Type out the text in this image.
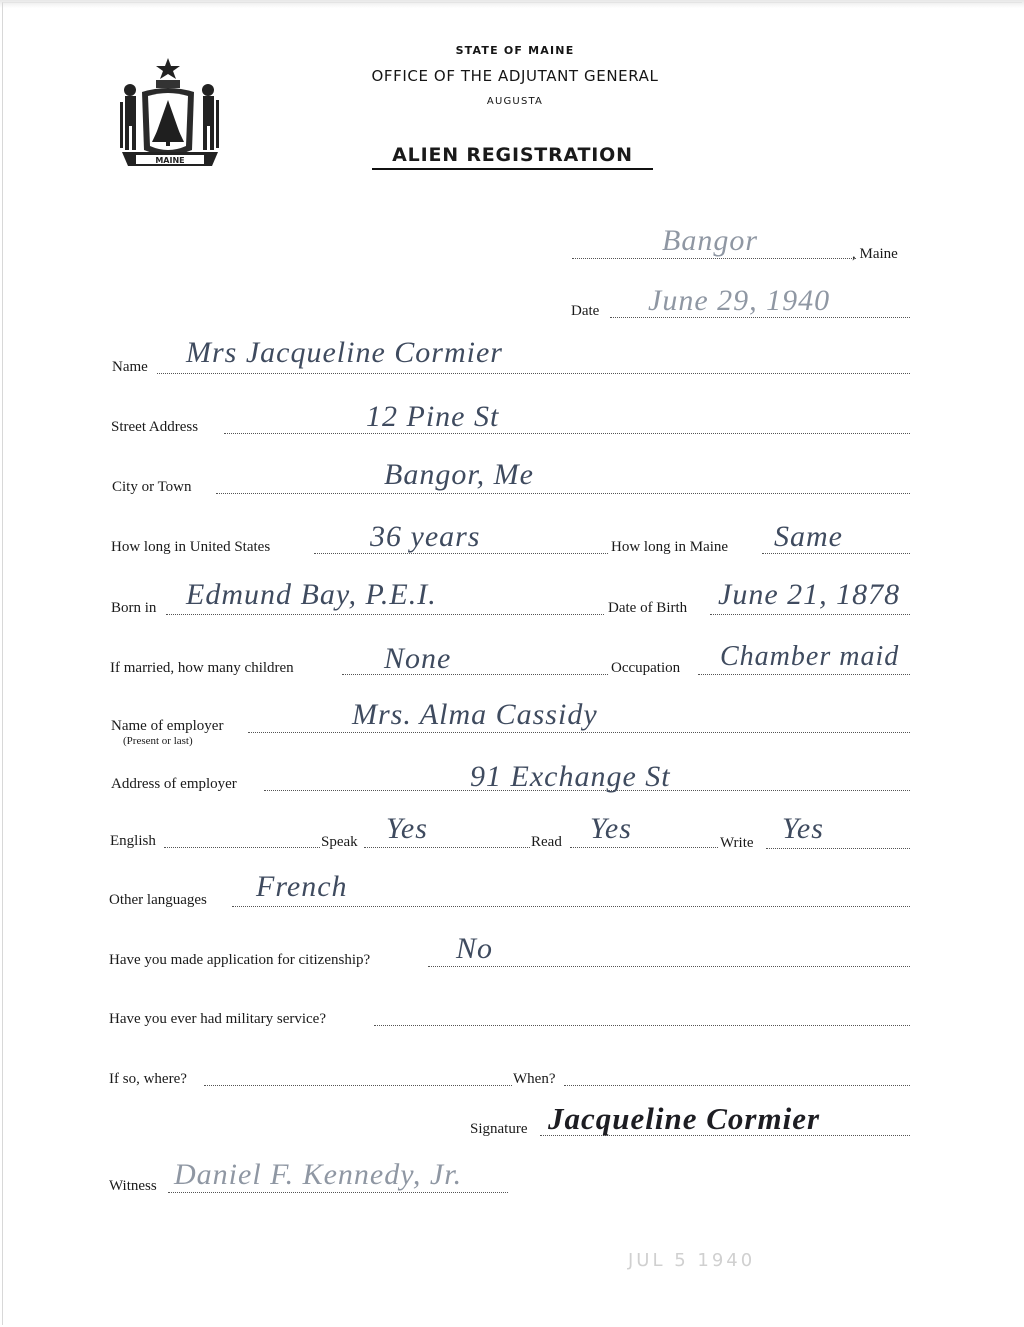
MAINE
STATE OF MAINE
OFFICE OF THE ADJUTANT GENERAL
AUGUSTA
ALIEN REGISTRATION
, Maine
Bangor
Date June 29, 1940
Name Mrs Jacqueline Cormier
Street Address	12 Pine St
City or Town	Bangor, Me
How long in United States	36 years	How long in Maine Same
Born in Edmund Bay, P.E.I.	Date of Birth June 21, 1878
If married, how many children	None	Occupation Chamber maid
Name of employer
(Present or last)
Mrs. Alma Cassidy
Address of employer	91 Exchange St
English	Speak Yes	Read Yes	Write Yes
Other languages French
Have you made application for citizenship?	No
Have you ever had military service?
If so, where?	When?
Signature Jacqueline Cormier
Witness Daniel F. Kennedy, Jr.
JUL 5 1940
